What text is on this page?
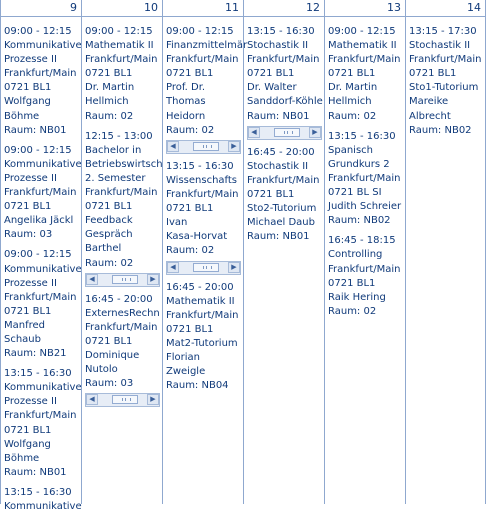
9
09:00 - 12:15
Kommunikative
Prozesse II
Frankfurt/Main
0721 BL1
Wolfgang
Böhme
Raum: NB01
09:00 - 12:15
Kommunikative
Prozesse II
Frankfurt/Main
0721 BL1
Angelika Jäckl
Raum: 03
09:00 - 12:15
Kommunikative
Prozesse II
Frankfurt/Main
0721 BL1
Manfred
Schaub
Raum: NB21
13:15 - 16:30
Kommunikative
Prozesse II
Frankfurt/Main
0721 BL1
Wolfgang
Böhme
Raum: NB01
13:15 - 16:30
Kommunikative
10
09:00 - 12:15
Mathematik II
Frankfurt/Main
0721 BL1
Dr. Martin
Hellmich
Raum: 02
12:15 - 13:00
Bachelor in
Betriebswirtsch
2. Semester
Frankfurt/Main
0721 BL1
Feedback
Gespräch
Barthel
Raum: 02
◀	▶
16:45 - 20:00
ExternesRechn
Frankfurt/Main
0721 BL1
Dominique
Nutolo
Raum: 03
◀	▶
11
09:00 - 12:15
Finanzmittelmär
Frankfurt/Main
0721 BL1
Prof. Dr.
Thomas
Heidorn
Raum: 02
◀	▶
13:15 - 16:30
Wissenschafts
Frankfurt/Main
0721 BL1
Ivan
Kasa-Horvat
Raum: 02
◀	▶
16:45 - 20:00
Mathematik II
Frankfurt/Main
0721 BL1
Mat2-Tutorium
Florian
Zweigle
Raum: NB04
12
13:15 - 16:30
Stochastik II
Frankfurt/Main
0721 BL1
Dr. Walter
Sanddorf-Köhle
Raum: NB01
◀	▶
16:45 - 20:00
Stochastik II
Frankfurt/Main
0721 BL1
Sto2-Tutorium
Michael Daub
Raum: NB01
13
09:00 - 12:15
Mathematik II
Frankfurt/Main
0721 BL1
Dr. Martin
Hellmich
Raum: 02
13:15 - 16:30
Spanisch
Grundkurs 2
Frankfurt/Main
0721 BL SI
Judith Schreier
Raum: NB02
16:45 - 18:15
Controlling
Frankfurt/Main
0721 BL1
Raik Hering
Raum: 02
14
13:15 - 17:30
Stochastik II
Frankfurt/Main
0721 BL1
Sto1-Tutorium
Mareike
Albrecht
Raum: NB02
